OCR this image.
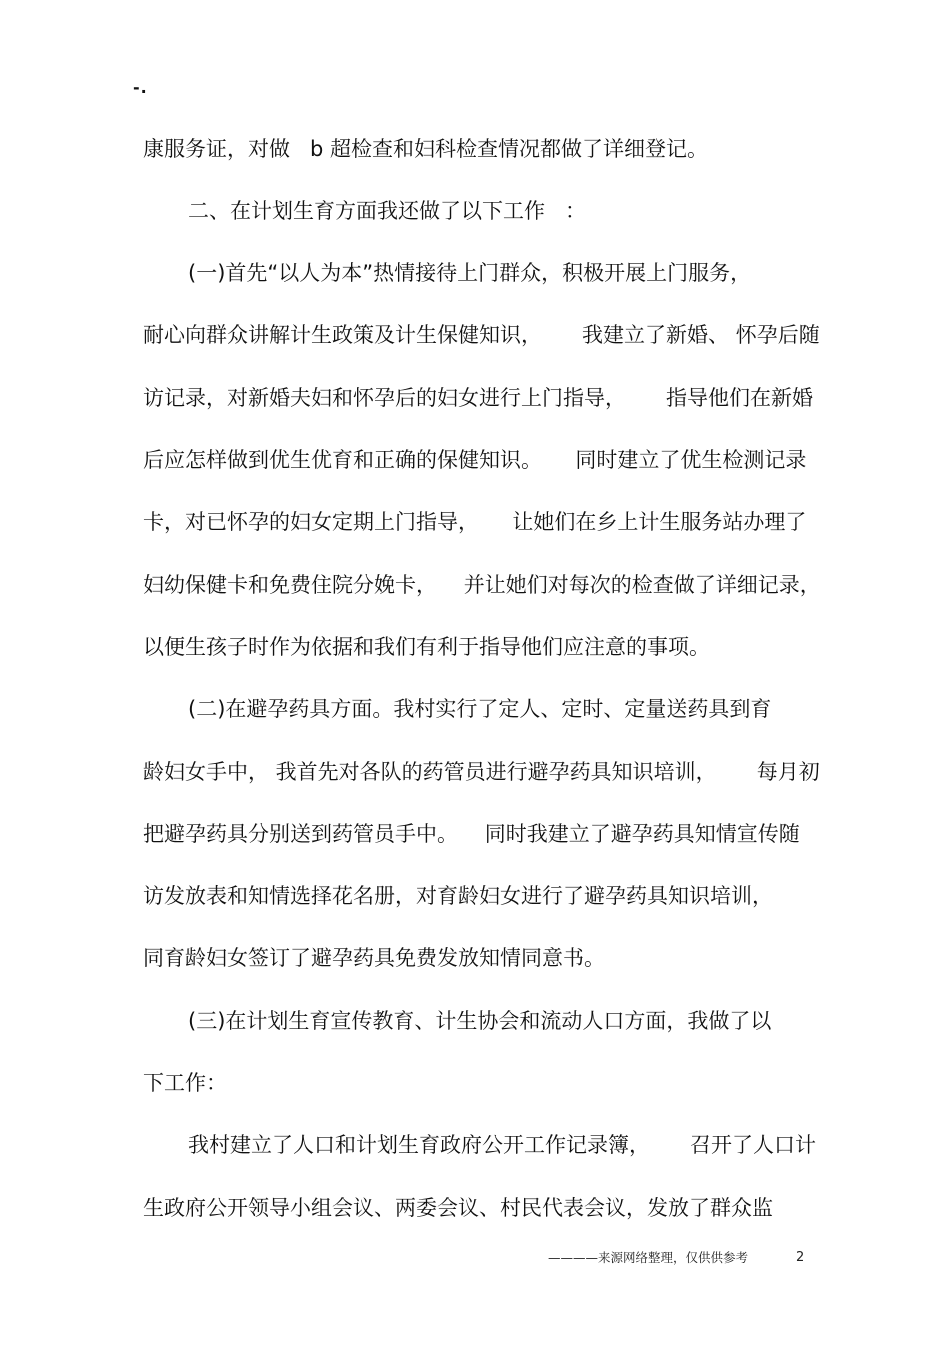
-.
康服务证，对做   b 超检查和妇科检查情况都做了详细登记。
二、在计划生育方面我还做了以下工作   ：
(一)首先“以人为本”热情接待上门群众，积极开展上门服务，
耐心向群众讲解计生政策及计生保健知识，      我建立了新婚、 怀孕后随
访记录，对新婚夫妇和怀孕后的妇女进行上门指导，      指导他们在新婚
后应怎样做到优生优育和正确的保健知识。     同时建立了优生检测记录
卡，对已怀孕的妇女定期上门指导，     让她们在乡上计生服务站办理了
妇幼保健卡和免费住院分娩卡，    并让她们对每次的检查做了详细记录，
以便生孩子时作为依据和我们有利于指导他们应注意的事项。
(二)在避孕药具方面。我村实行了定人、定时、定量送药具到育
龄妇女手中， 我首先对各队的药管员进行避孕药具知识培训，      每月初
把避孕药具分别送到药管员手中。    同时我建立了避孕药具知情宣传随
访发放表和知情选择花名册，对育龄妇女进行了避孕药具知识培训，
同育龄妇女签订了避孕药具免费发放知情同意书。
(三)在计划生育宣传教育、计生协会和流动人口方面，我做了以
下工作：
我村建立了人口和计划生育政府公开工作记录簿，      召开了人口计
生政府公开领导小组会议、两委会议、村民代表会议，发放了群众监
————来源网络整理，仅供供参考	2
